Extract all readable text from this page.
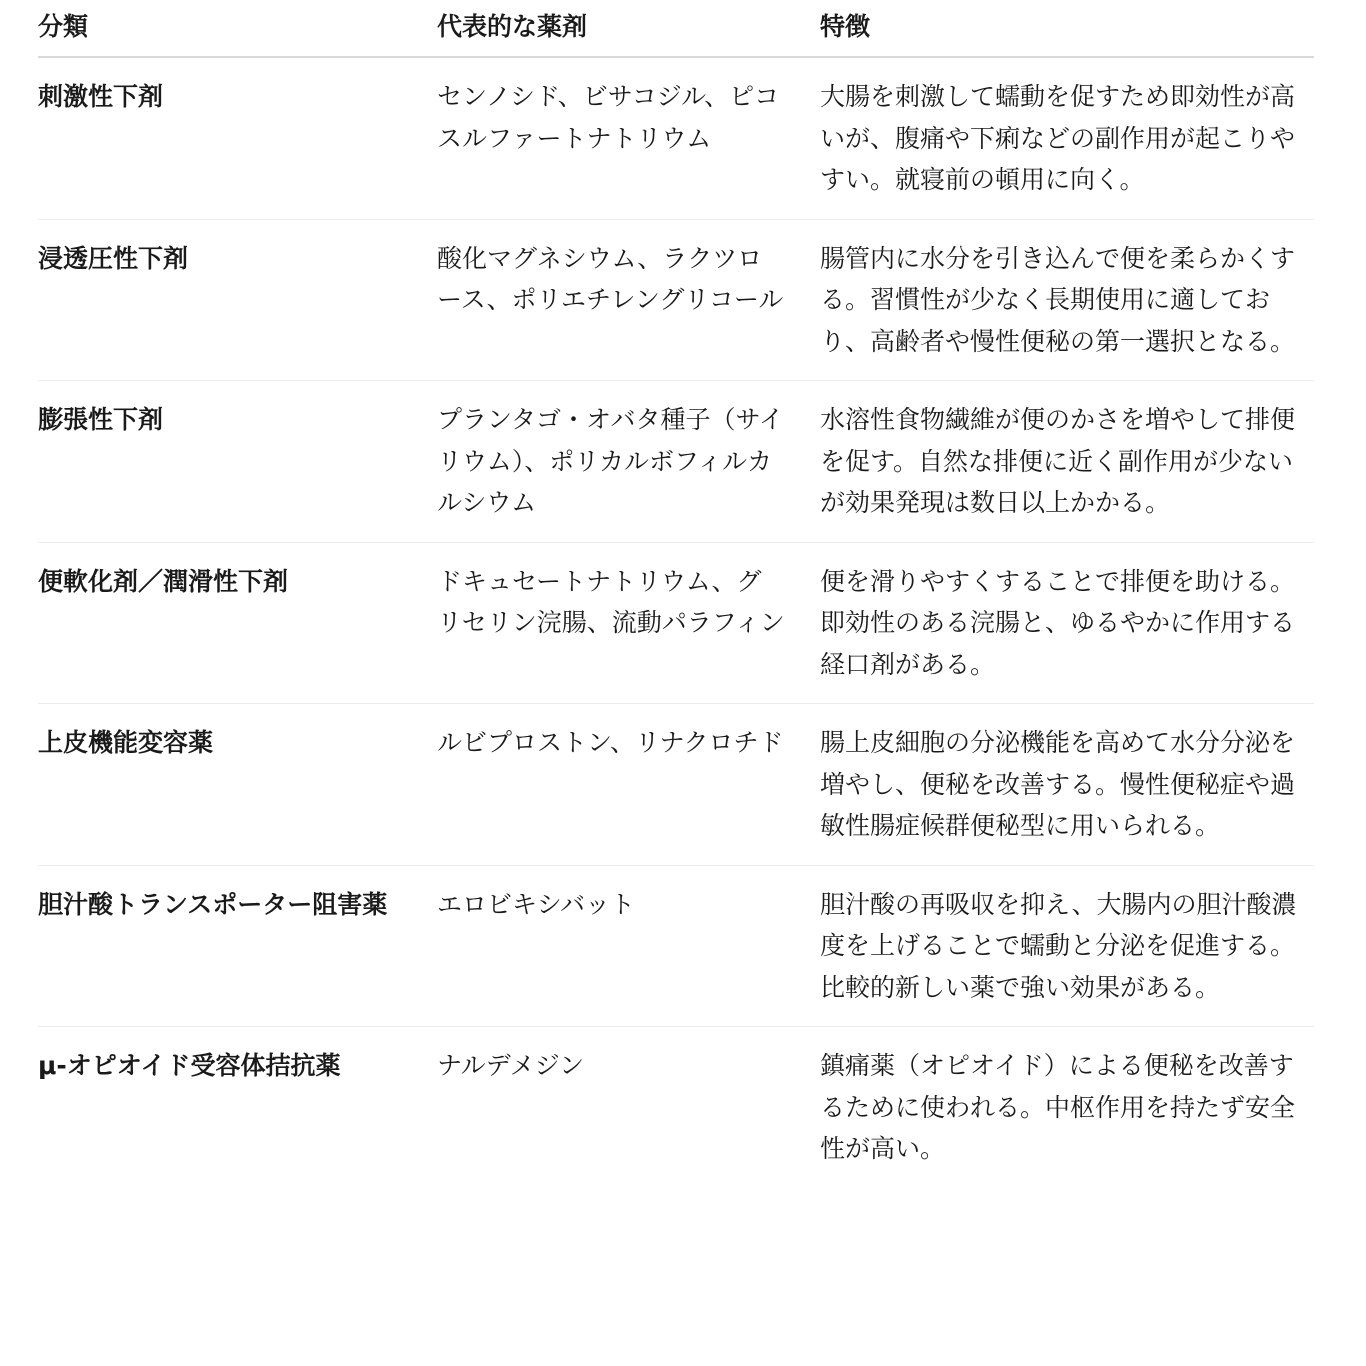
分類	代表的な薬剤	特徴
刺激性下剤	センノシド、ビサコジル、ピコスルファートナトリウム	大腸を刺激して蠕動を促すため即効性が高いが、腹痛や下痢などの副作用が起こりやすい。就寝前の頓用に向く。
浸透圧性下剤	酸化マグネシウム、ラクツロース、ポリエチレングリコール	腸管内に水分を引き込んで便を柔らかくする。習慣性が少なく長期使用に適しており、高齢者や慢性便秘の第一選択となる。
膨張性下剤	プランタゴ・オバタ種子（サイリウム）、ポリカルボフィルカルシウム	水溶性食物繊維が便のかさを増やして排便を促す。自然な排便に近く副作用が少ないが効果発現は数日以上かかる。
便軟化剤／潤滑性下剤	ドキュセートナトリウム、グリセリン浣腸、流動パラフィン	便を滑りやすくすることで排便を助ける。即効性のある浣腸と、ゆるやかに作用する経口剤がある。
上皮機能変容薬	ルビプロストン、リナクロチド	腸上皮細胞の分泌機能を高めて水分分泌を増やし、便秘を改善する。慢性便秘症や過敏性腸症候群便秘型に用いられる。
胆汁酸トランスポーター阻害薬	エロビキシバット	胆汁酸の再吸収を抑え、大腸内の胆汁酸濃度を上げることで蠕動と分泌を促進する。比較的新しい薬で強い効果がある。
μ-オピオイド受容体拮抗薬	ナルデメジン	鎮痛薬（オピオイド）による便秘を改善するために使われる。中枢作用を持たず安全性が高い。
